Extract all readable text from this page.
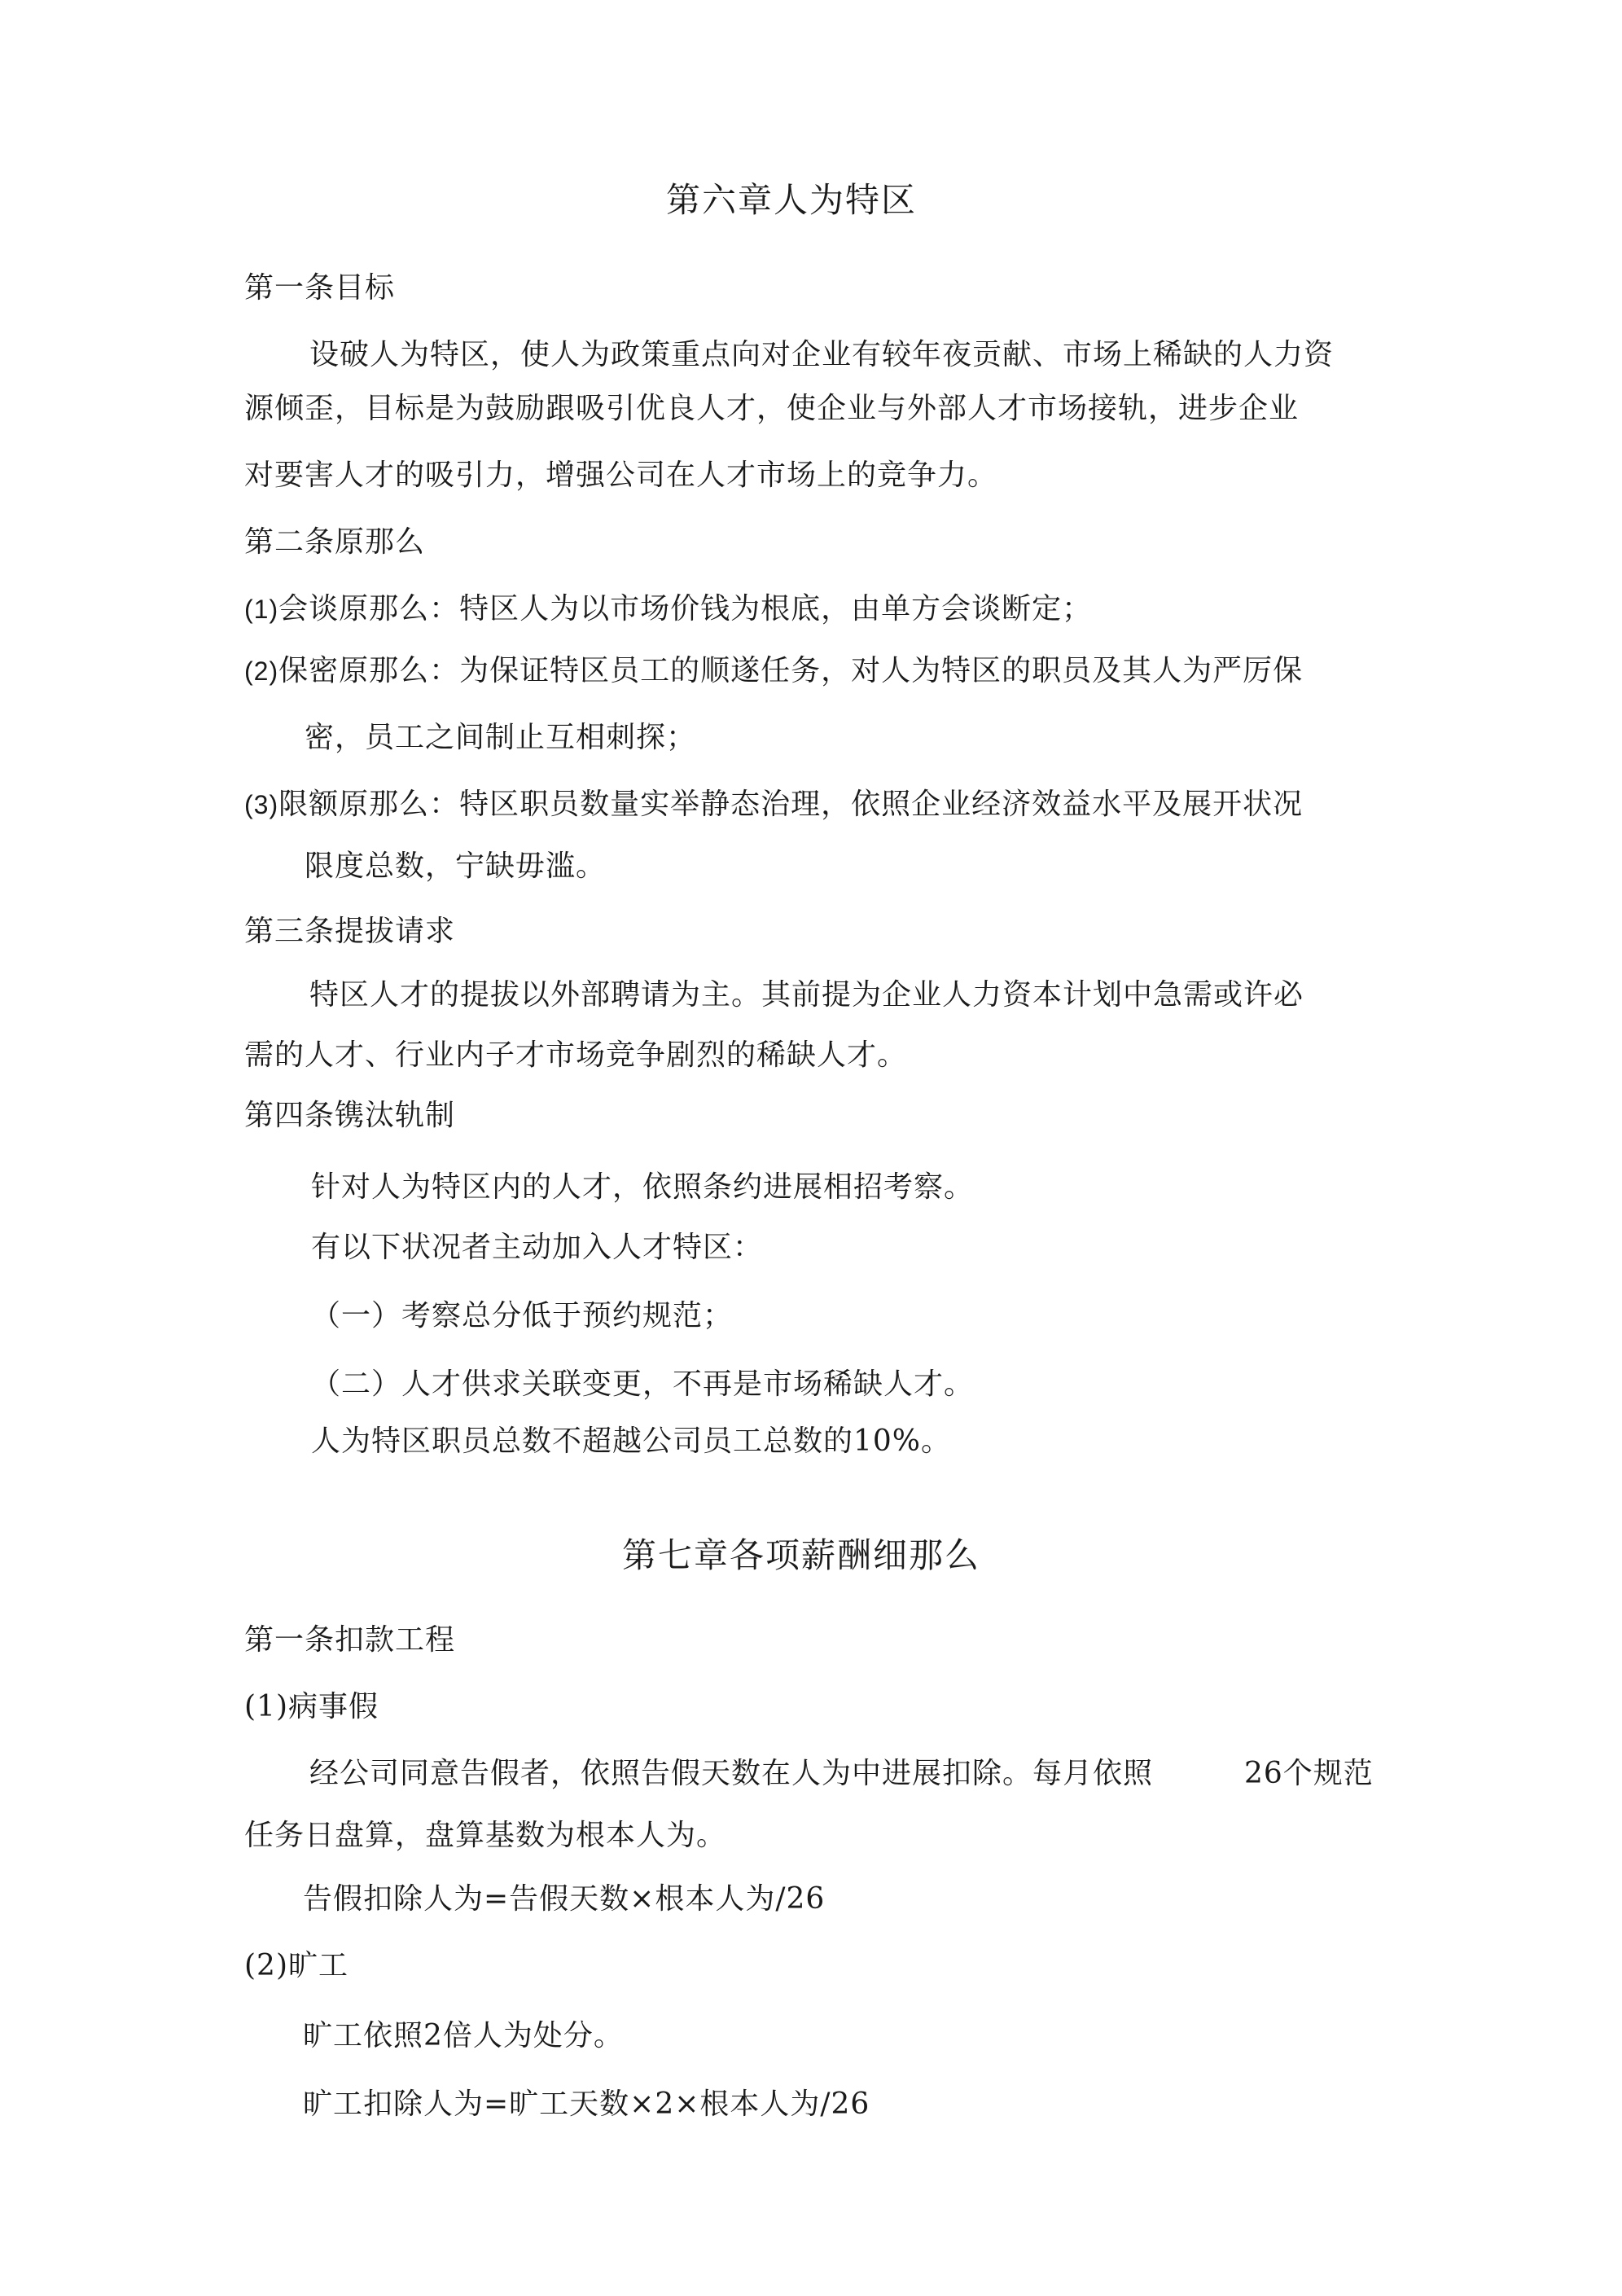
第六章人为特区
第一条目标
设破人为特区，使人为政策重点向对企业有较年夜贡献、市场上稀缺的人力资
源倾歪，目标是为鼓励跟吸引优良人才，使企业与外部人才市场接轨，进步企业
对要害人才的吸引力，增强公司在人才市场上的竞争力。
第二条原那么
(1)会谈原那么：特区人为以市场价钱为根底，由单方会谈断定；
(2)保密原那么：为保证特区员工的顺遂任务，对人为特区的职员及其人为严厉保
密，员工之间制止互相刺探；
(3)限额原那么：特区职员数量实举静态治理，依照企业经济效益水平及展开状况
限度总数，宁缺毋滥。
第三条提拔请求
特区人才的提拔以外部聘请为主。其前提为企业人力资本计划中急需或许必
需的人才、行业内子才市场竞争剧烈的稀缺人才。
第四条镌汰轨制
针对人为特区内的人才，依照条约进展相招考察。
有以下状况者主动加入人才特区：
（一）考察总分低于预约规范；
（二）人才供求关联变更，不再是市场稀缺人才。
人为特区职员总数不超越公司员工总数的10%。
第七章各项薪酬细那么
第一条扣款工程
(1)病事假
经公司同意告假者，依照告假天数在人为中进展扣除。每月依照	26个规范
任务日盘算，盘算基数为根本人为。
告假扣除人为=告假天数×根本人为/26
(2)旷工
旷工依照2倍人为处分。
旷工扣除人为=旷工天数×2×根本人为/26
